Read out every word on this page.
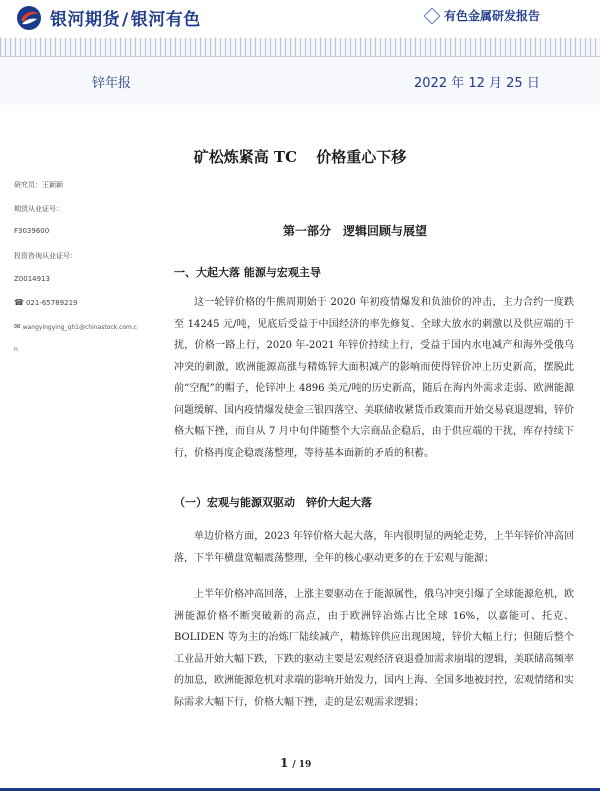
银河期货 / 银河有色	有色金属研发报告
锌年报	2022 年 12 月 25 日
矿松炼紧高 TC 价格重心下移
研究员：王颖颖
期货从业证号：
F3039600
投资咨询从业证号：
Z0014913
☎ 021-65789219
✉ wangyingying_qh1@chinastock.com.c
n
第一部分　逻辑回顾与展望
一、大起大落 能源与宏观主导
这一轮锌价格的牛熊周期始于 2020 年初疫情爆发和负油价的冲击，主力合约一度跌至 14245 元/吨，见底后受益于中国经济的率先修复、全球大放水的刺激以及供应端的干扰，价格一路上行，2020 年-2021 年锌价持续上行，受益于国内水电减产和海外受俄乌冲突的刺激，欧洲能源高涨与精炼锌大面积减产的影响而使得锌价冲上历史新高，摆脱此前“空配”的帽子，伦锌冲上 4896 美元/吨的历史新高，随后在海内外需求走弱、欧洲能源问题缓解、国内疫情爆发使金三银四落空、美联储收紧货币政策而开始交易衰退逻辑，锌价格大幅下挫，而自从 7 月中旬伴随整个大宗商品企稳后，由于供应端的干扰，库存持续下行，价格再度企稳震荡整理，等待基本面新的矛盾的积蓄。
（一）宏观与能源双驱动　锌价大起大落
单边价格方面，2023 年锌价格大起大落，年内很明显的两轮走势，上半年锌价冲高回落，下半年横盘宽幅震荡整理，全年的核心驱动更多的在于宏观与能源；
上半年价格冲高回落，上涨主要驱动在于能源属性，俄乌冲突引爆了全球能源危机，欧洲能源价格不断突破新的高点，由于欧洲锌冶炼占比全球 16%，以嘉能可、托克、BOLIDEN 等为主的冶炼厂陆续减产，精炼锌供应出现困境，锌价大幅上行；但随后整个工业品开始大幅下跌，下跌的驱动主要是宏观经济衰退叠加需求崩塌的逻辑，美联储高频率的加息，欧洲能源危机对求端的影响开始发力，国内上海、全国多地被封控，宏观情绪和实际需求大幅下行，价格大幅下挫，走的是宏观需求逻辑；
1 / 19
